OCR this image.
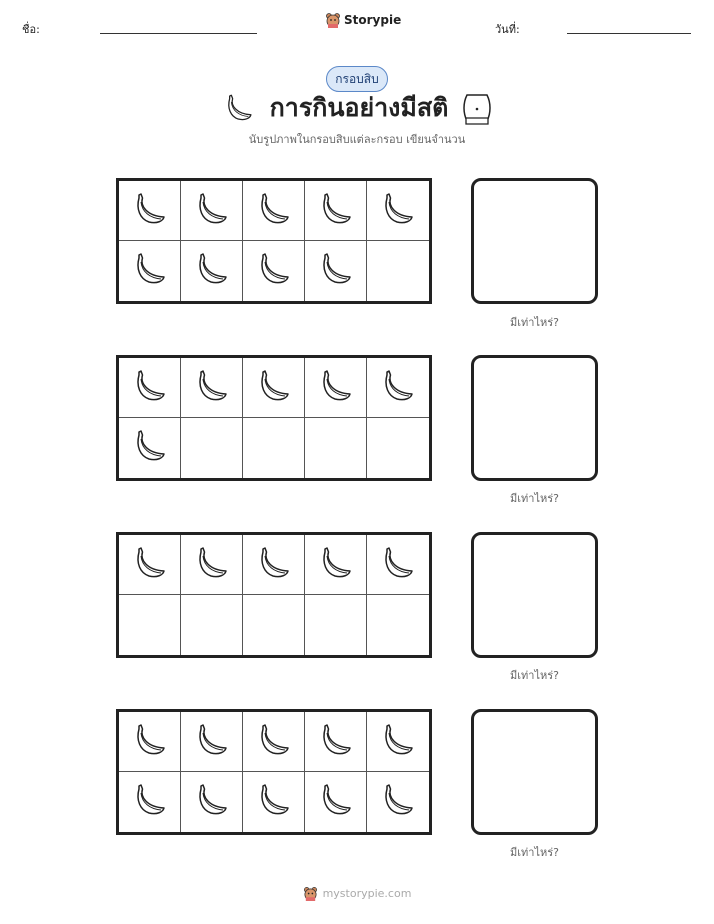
ชื่อ:
Storypie
วันที่:
กรอบสิบ
การกินอย่างมีสติ
นับรูปภาพในกรอบสิบแต่ละกรอบ เขียนจำนวน
มีเท่าไหร่?
มีเท่าไหร่?
มีเท่าไหร่?
มีเท่าไหร่?
mystorypie.com
